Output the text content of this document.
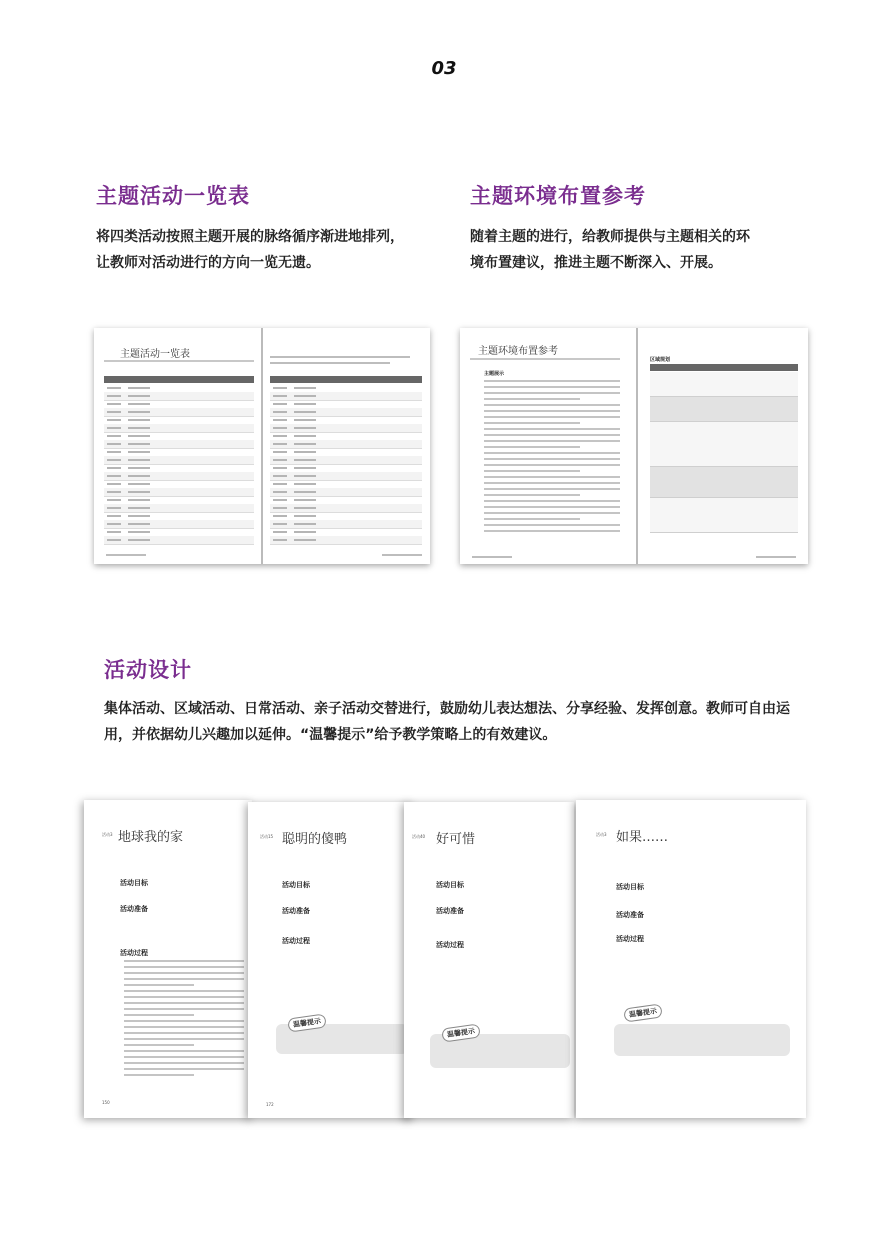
03
主题活动一览表
将四类活动按照主题开展的脉络循序渐进地排列，
让教师对活动进行的方向一览无遗。
主题环境布置参考
随着主题的进行，给教师提供与主题相关的环
境布置建议，推进主题不断深入、开展。
主题活动一览表	主题环境布置参考
主题展示
区域规划
活动设计
集体活动、区域活动、日常活动、亲子活动交替进行，鼓励幼儿表达想法、分享经验、发挥创意。教师可自由运
用，并依据幼儿兴趣加以延伸。“温馨提示”给予教学策略上的有效建议。
活动3 地球我的家
活动目标
活动准备
活动过程
150
活动15 聪明的傻鸭
活动目标
活动准备
活动过程
温馨提示
172
活动40 好可惜
活动目标
活动准备
活动过程
温馨提示
活动3 如果……
活动目标
活动准备
活动过程
温馨提示
